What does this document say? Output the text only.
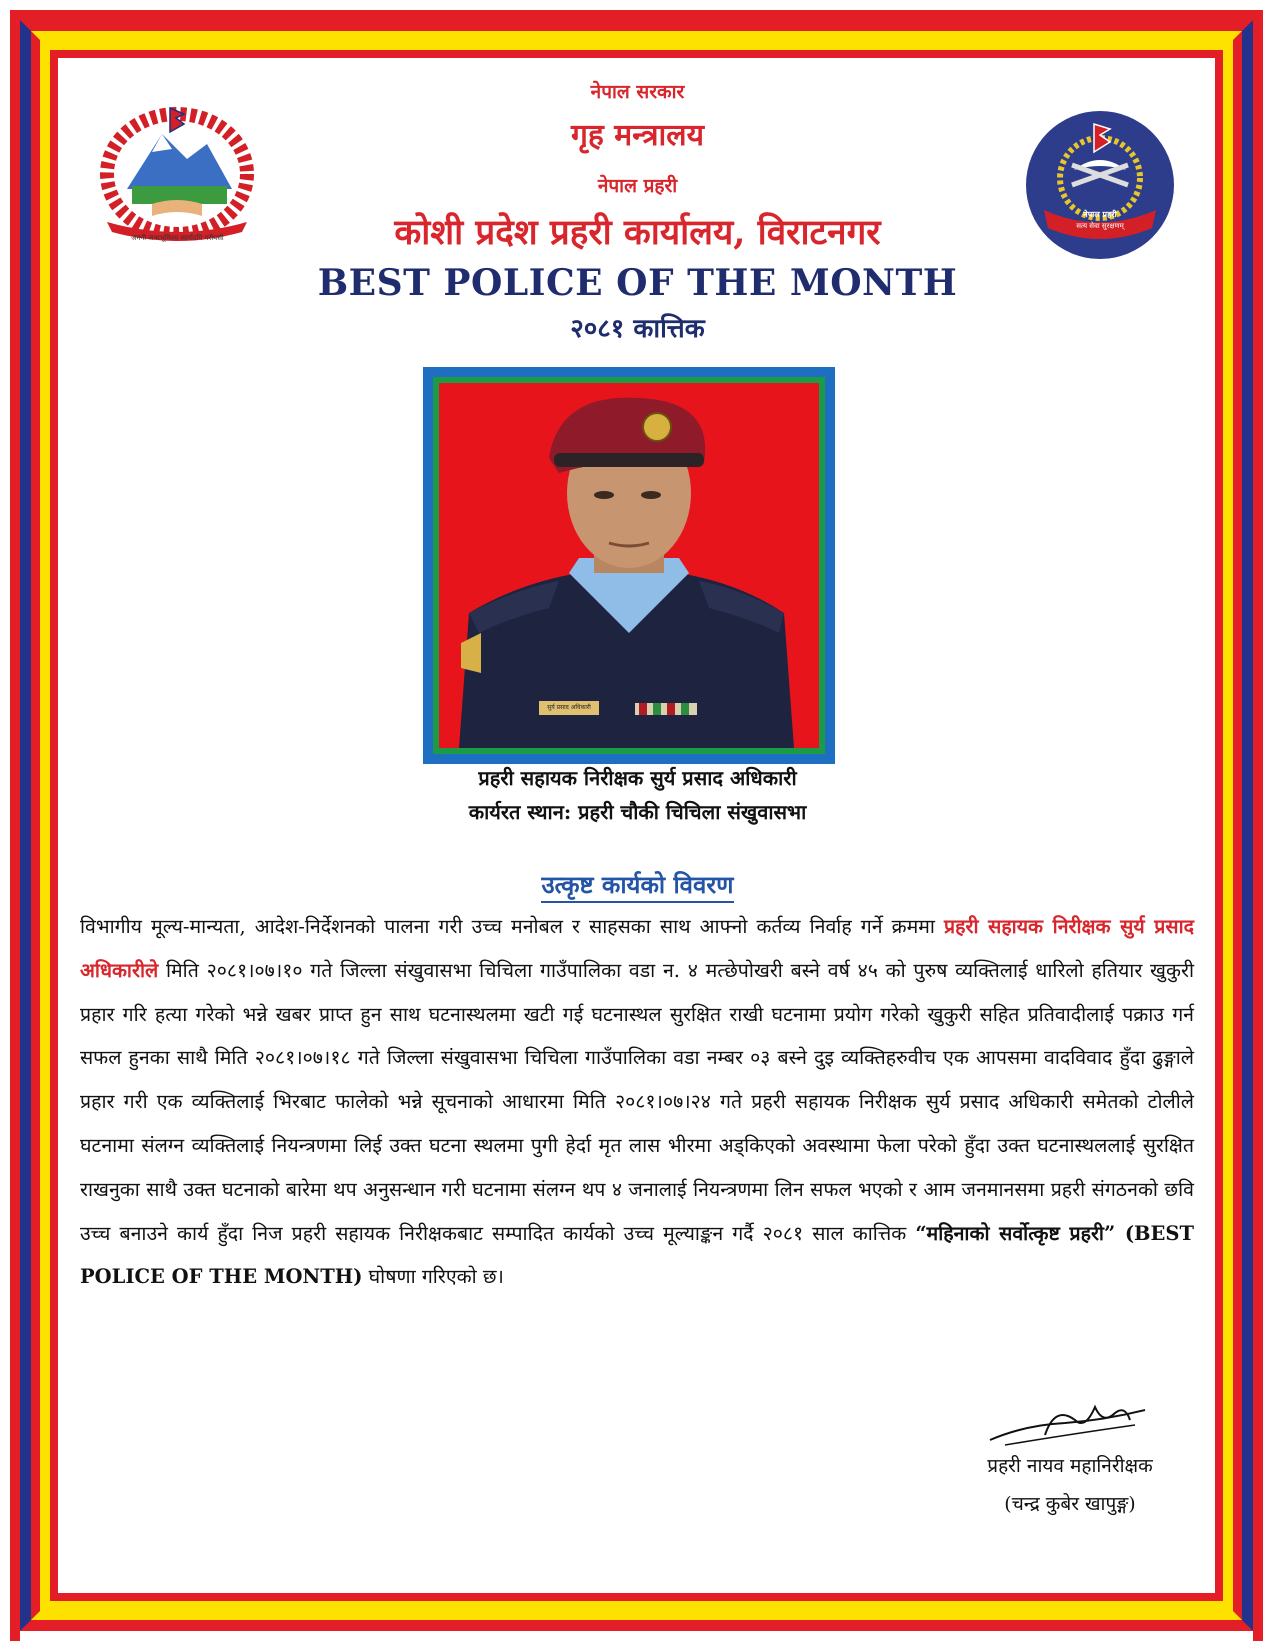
जननी जन्मभूमिश्च स्वर्गादपि गरीयसी
नेपाल प्रहरी
सत्य सेवा सुरक्षणम्
नेपाल सरकार
गृह मन्त्रालय
नेपाल प्रहरी
कोशी प्रदेश प्रहरी कार्यालय, विराटनगर
BEST POLICE OF THE MONTH
२०८१ कात्तिक
सुर्य प्रसाद अधिकारी
प्रहरी सहायक निरीक्षक सुर्य प्रसाद अधिकारी
कार्यरत स्थान: प्रहरी चौकी चिचिला संखुवासभा
उत्कृष्ट कार्यको विवरण
विभागीय मूल्य-मान्यता, आदेश-निर्देशनको पालना गरी उच्च मनोबल र साहसका साथ आफ्नो कर्तव्य निर्वाह गर्ने क्रममा प्रहरी सहायक निरीक्षक सुर्य प्रसाद अधिकारीले मिति २०८१।०७।१० गते जिल्ला संखुवासभा चिचिला गाउँपालिका वडा न. ४ मत्छेपोखरी बस्ने वर्ष ४५ को पुरुष व्यक्तिलाई धारिलो हतियार खुकुरी प्रहार गरि हत्या गरेको भन्ने खबर प्राप्त हुन साथ घटनास्थलमा खटी गई घटनास्थल सुरक्षित राखी घटनामा प्रयोग गरेको खुकुरी सहित प्रतिवादीलाई पक्राउ गर्न सफल हुनका साथै मिति २०८१।०७।१८ गते जिल्ला संखुवासभा चिचिला गाउँपालिका वडा नम्बर ०३ बस्ने दुइ व्यक्तिहरुवीच एक आपसमा वादविवाद हुँदा ढुङ्गाले प्रहार गरी एक व्यक्तिलाई भिरबाट फालेको भन्ने सूचनाको आधारमा मिति २०८१।०७।२४ गते प्रहरी सहायक निरीक्षक सुर्य प्रसाद अधिकारी समेतको टोलीले घटनामा संलग्न व्यक्तिलाई नियन्त्रणमा लिई उक्त घटना स्थलमा पुगी हेर्दा मृत लास भीरमा अड्किएको अवस्थामा फेला परेको हुँदा उक्त घटनास्थललाई सुरक्षित राखनुका साथै उक्त घटनाको बारेमा थप अनुसन्धान गरी घटनामा संलग्न थप ४ जनालाई नियन्त्रणमा लिन सफल भएको र आम जनमानसमा प्रहरी संगठनको छवि उच्च बनाउने कार्य हुँदा निज प्रहरी सहायक निरीक्षकबाट सम्पादित कार्यको उच्च मूल्याङ्कन गर्दै २०८१ साल कात्तिक “महिनाको सर्वोत्कृष्ट प्रहरी” (BEST POLICE OF THE MONTH) घोषणा गरिएको छ।
प्रहरी नायव महानिरीक्षक
(चन्द्र कुबेर खापुङ्ग)
